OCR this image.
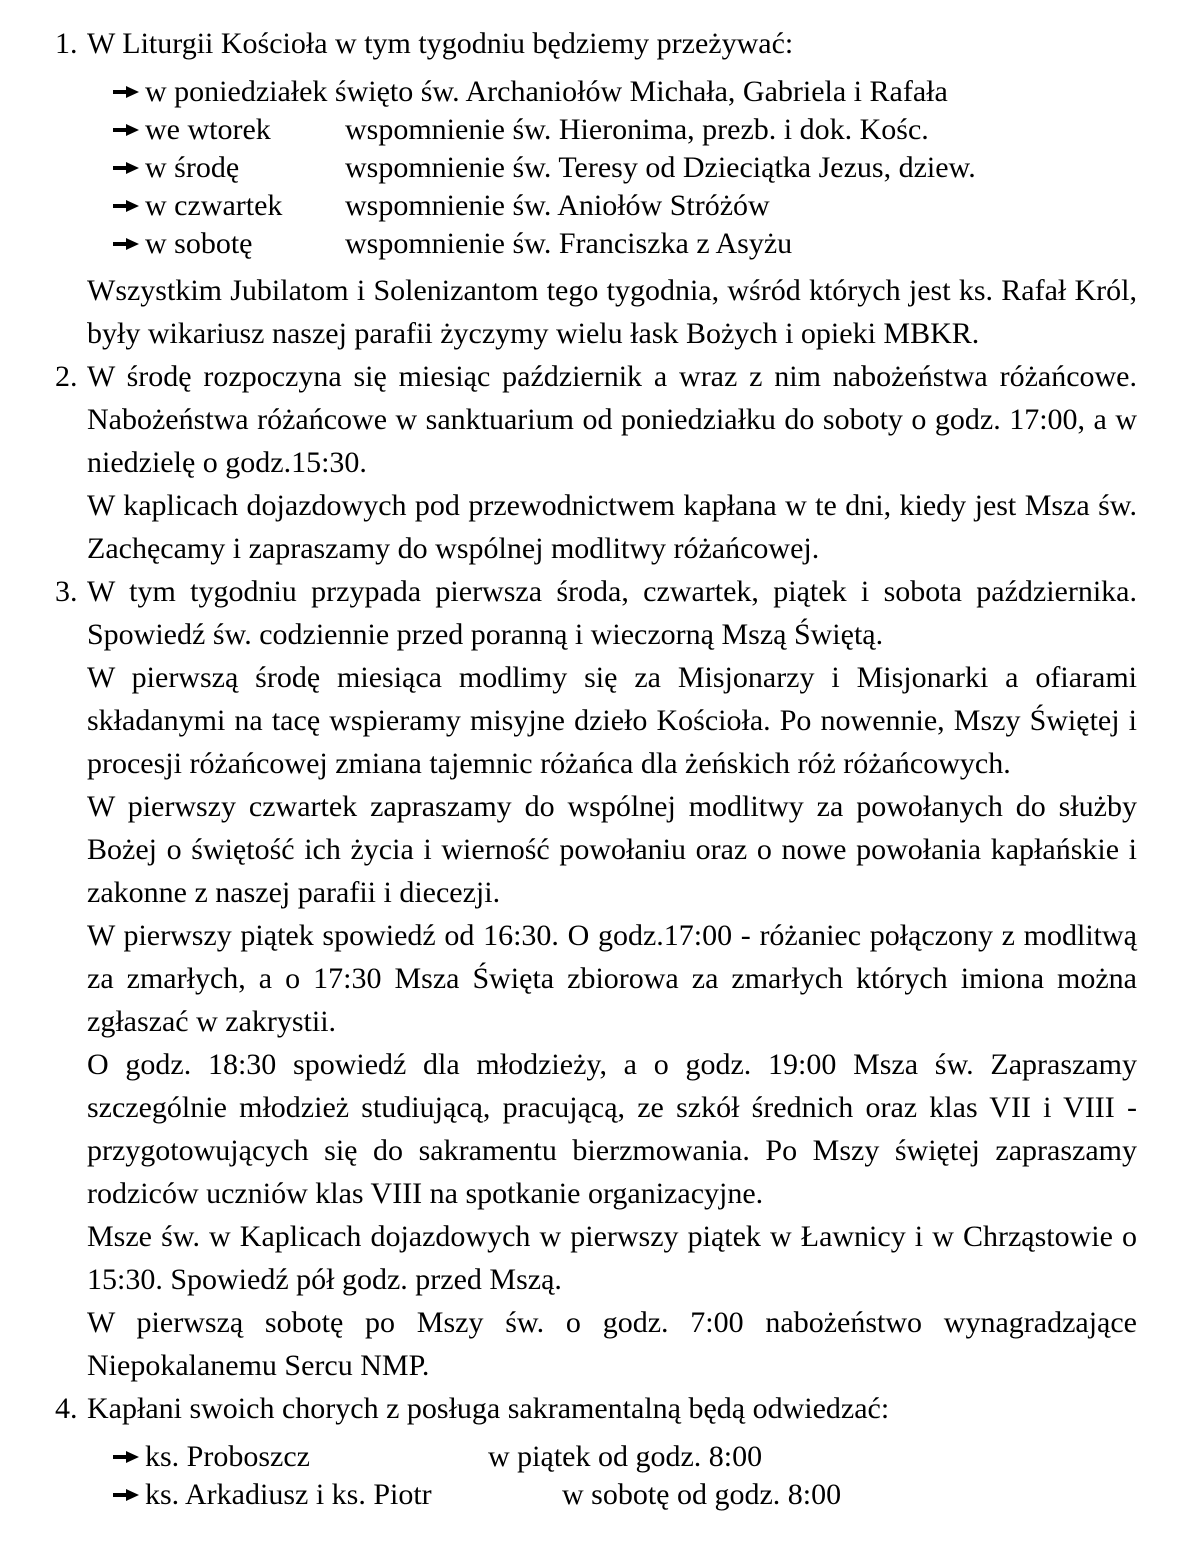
1. W Liturgii Kościoła w tym tygodniu będziemy przeżywać:

w poniedziałek święto św. Archaniołów Michała, Gabriela i Rafała
we wtorek	wspomnienie św. Hieronima, prezb. i dok. Kośc.
w środę	wspomnienie św. Teresy od Dzieciątka Jezus, dziew.
w czwartek	wspomnienie św. Aniołów Stróżów
w sobotę	wspomnienie św. Franciszka z Asyżu

Wszystkim Jubilatom i Solenizantom tego tygodnia, wśród których jest ks. Rafał Król, były wikariusz naszej parafii życzymy wielu łask Bożych i opieki MBKR.

2. W środę rozpoczyna się miesiąc październik a wraz z nim nabożeństwa różańcowe. Nabożeństwa różańcowe w sanktuarium od poniedziałku do soboty o godz. 17:00, a w niedzielę o godz.15:30.

W kaplicach dojazdowych pod przewodnictwem kapłana w te dni, kiedy jest Msza św. Zachęcamy i zapraszamy do wspólnej modlitwy różańcowej.

3. W tym tygodniu przypada pierwsza środa, czwartek, piątek i sobota października. Spowiedź św. codziennie przed poranną i wieczorną Mszą Świętą.

W pierwszą środę miesiąca modlimy się za Misjonarzy i Misjonarki a ofiarami składanymi na tacę wspieramy misyjne dzieło Kościoła. Po nowennie, Mszy Świętej i procesji różańcowej zmiana tajemnic różańca dla żeńskich róż różańcowych.

W pierwszy czwartek zapraszamy do wspólnej modlitwy za powołanych do służby Bożej o świętość ich życia i wierność powołaniu oraz o nowe powołania kapłańskie i zakonne z naszej parafii i diecezji.

W pierwszy piątek spowiedź od 16:30. O godz.17:00 - różaniec połączony z modlitwą za zmarłych, a o 17:30 Msza Święta zbiorowa za zmarłych których imiona można zgłaszać w zakrystii.

O godz. 18:30 spowiedź dla młodzieży, a o godz. 19:00 Msza św. Zapraszamy szczególnie młodzież studiującą, pracującą, ze szkół średnich oraz klas VII i VIII - przygotowujących się do sakramentu bierzmowania. Po Mszy świętej zapraszamy rodziców uczniów klas VIII na spotkanie organizacyjne.

Msze św. w Kaplicach dojazdowych w pierwszy piątek w Ławnicy i w Chrząstowie o 15:30. Spowiedź pół godz. przed Mszą.

W pierwszą sobotę po Mszy św. o godz. 7:00 nabożeństwo wynagradzające Niepokalanemu Sercu NMP.

4. Kapłani swoich chorych z posługa sakramentalną będą odwiedzać:

ks. Proboszcz	w piątek od godz. 8:00
ks. Arkadiusz i ks. Piotr	w sobotę od godz. 8:00
